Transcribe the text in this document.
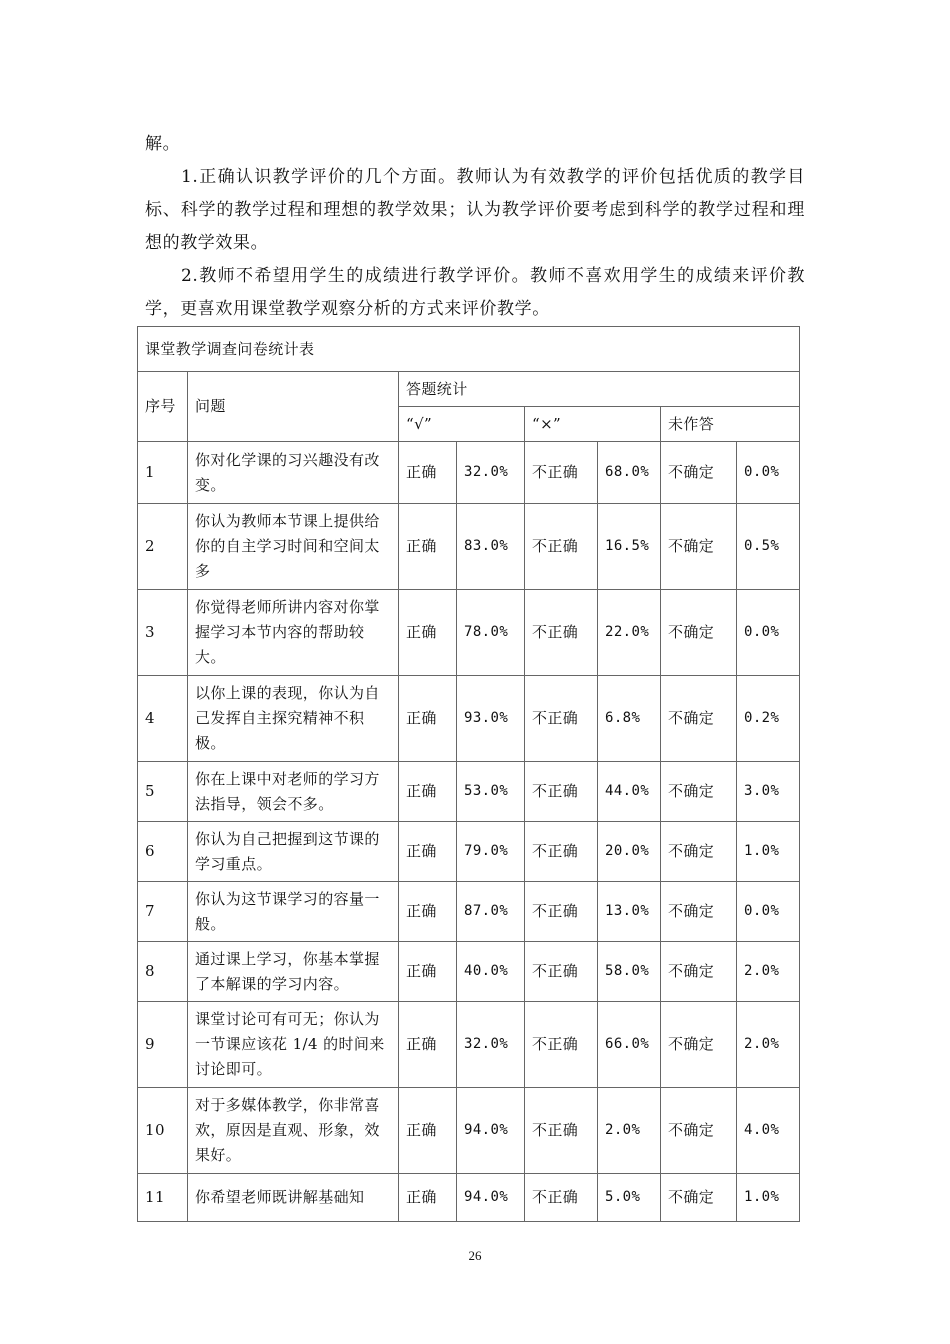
解。

1.正确认识教学评价的几个方面。教师认为有效教学的评价包括优质的教学目标、科学的教学过程和理想的教学效果；认为教学评价要考虑到科学的教学过程和理想的教学效果。

2.教师不希望用学生的成绩进行教学评价。教师不喜欢用学生的成绩来评价教学，更喜欢用课堂教学观察分析的方式来评价教学。

课堂教学调查问卷统计表							
序号	问题	答题统计					
		“√”		“×”		未作答	
1	你对化学课的习兴趣没有改变。	正确	32.0%	不正确	68.0%	不确定	0.0%
2	你认为教师本节课上提供给你的自主学习时间和空间太多	正确	83.0%	不正确	16.5%	不确定	0.5%
3	你觉得老师所讲内容对你掌握学习本节内容的帮助较大。	正确	78.0%	不正确	22.0%	不确定	0.0%
4	以你上课的表现，你认为自己发挥自主探究精神不积极。	正确	93.0%	不正确	6.8%	不确定	0.2%
5	你在上课中对老师的学习方法指导，领会不多。	正确	53.0%	不正确	44.0%	不确定	3.0%
6	你认为自己把握到这节课的学习重点。	正确	79.0%	不正确	20.0%	不确定	1.0%
7	你认为这节课学习的容量一般。	正确	87.0%	不正确	13.0%	不确定	0.0%
8	通过课上学习，你基本掌握了本解课的学习内容。	正确	40.0%	不正确	58.0%	不确定	2.0%
9	课堂讨论可有可无；你认为一节课应该花 1/4 的时间来讨论即可。	正确	32.0%	不正确	66.0%	不确定	2.0%
10	对于多媒体教学，你非常喜欢，原因是直观、形象，效果好。	正确	94.0%	不正确	2.0%	不确定	4.0%
11	你希望老师既讲解基础知	正确	94.0%	不正确	5.0%	不确定	1.0%
26
